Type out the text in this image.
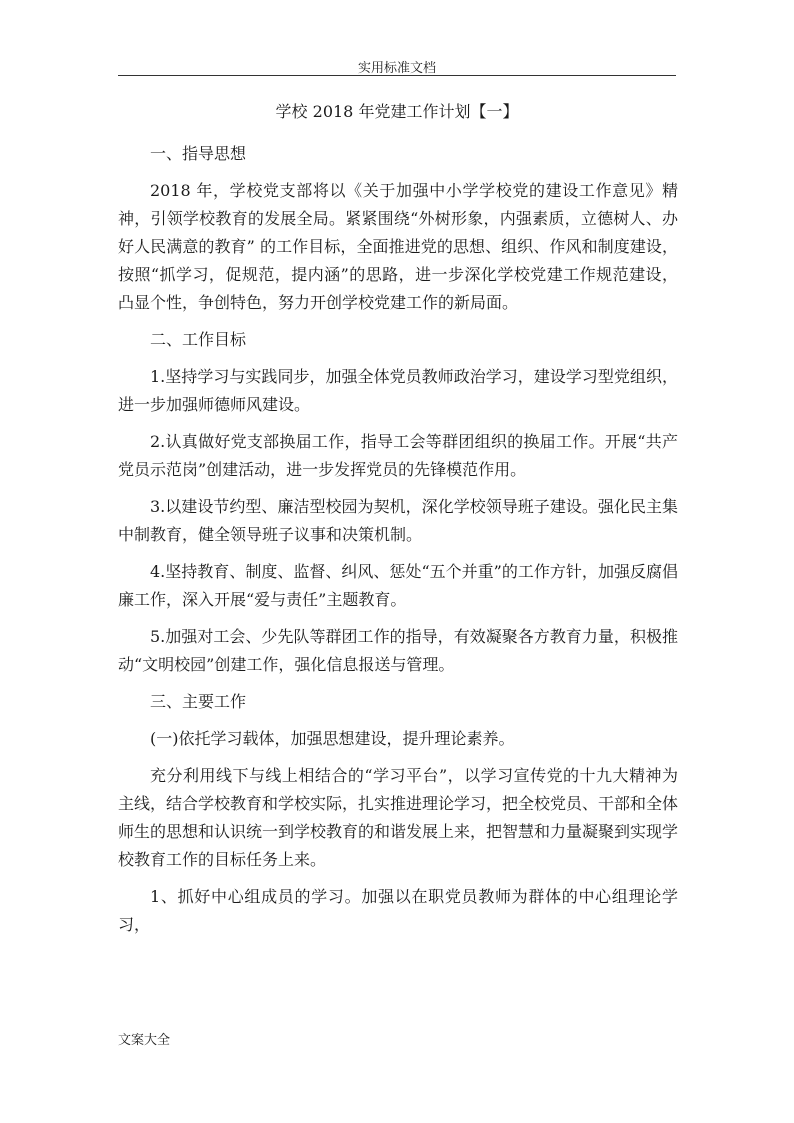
实用标准文档
学校 2018 年党建工作计划【一】

一、指导思想

2018 年，学校党支部将以《关于加强中小学学校党的建设工作意见》精神，引领学校教育的发展全局。紧紧围绕“外树形象，内强素质，立德树人、办好人民满意的教育” 的工作目标，全面推进党的思想、组织、作风和制度建设，按照“抓学习，促规范，提内涵”的思路，进一步深化学校党建工作规范建设，凸显个性，争创特色，努力开创学校党建工作的新局面。

二、工作目标

1.坚持学习与实践同步，加强全体党员教师政治学习，建设学习型党组织，进一步加强师德师风建设。

2.认真做好党支部换届工作，指导工会等群团组织的换届工作。开展“共产党员示范岗”创建活动，进一步发挥党员的先锋模范作用。

3.以建设节约型、廉洁型校园为契机，深化学校领导班子建设。强化民主集中制教育，健全领导班子议事和决策机制。

4.坚持教育、制度、监督、纠风、惩处“五个并重”的工作方针，加强反腐倡廉工作，深入开展“爱与责任”主题教育。

5.加强对工会、少先队等群团工作的指导，有效凝聚各方教育力量，积极推动“文明校园”创建工作，强化信息报送与管理。

三、主要工作

(一)依托学习载体，加强思想建设，提升理论素养。

充分利用线下与线上相结合的“学习平台”，以学习宣传党的十九大精神为主线，结合学校教育和学校实际，扎实推进理论学习，把全校党员、干部和全体师生的思想和认识统一到学校教育的和谐发展上来，把智慧和力量凝聚到实现学校教育工作的目标任务上来。

1、抓好中心组成员的学习。加强以在职党员教师为群体的中心组理论学习，

文案大全
